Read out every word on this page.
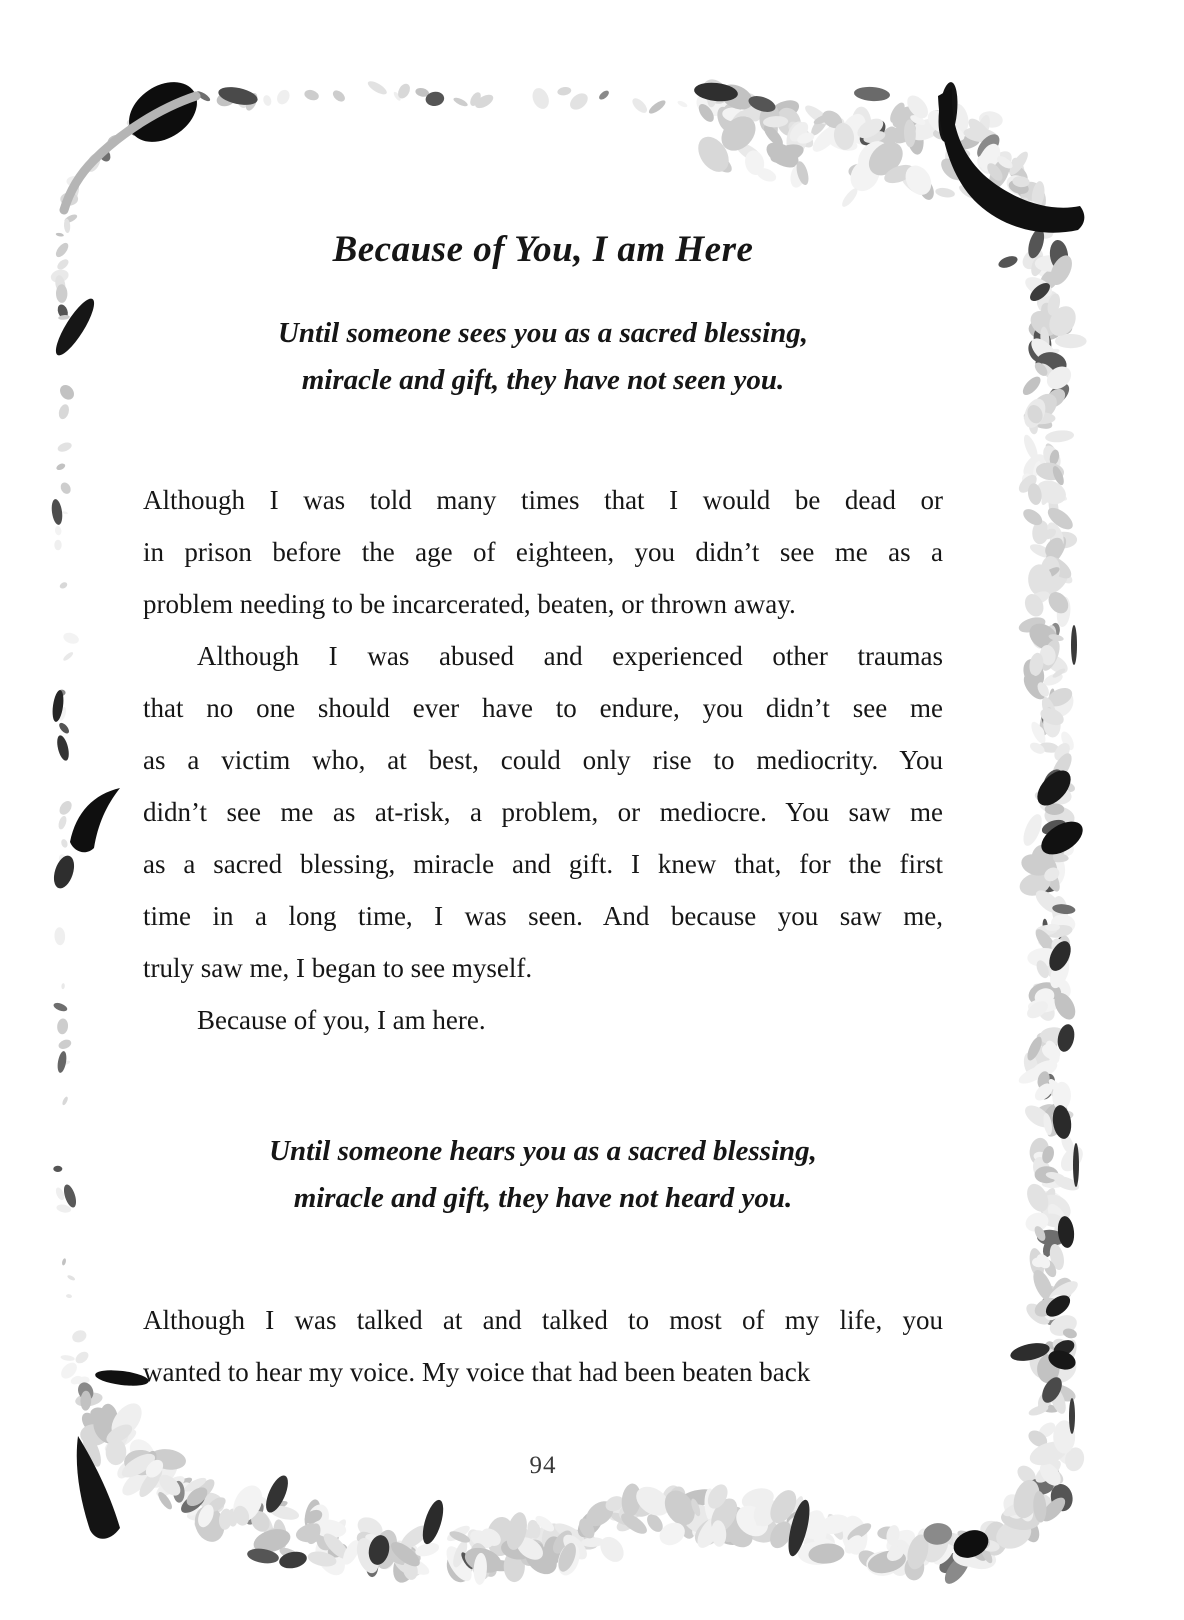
Because of You, I am Here
Until someone sees you as a sacred blessing,
miracle and gift, they have not seen you.
Although I was told many times that I would be dead or
in prison before the age of eighteen, you didn’t see me as a
problem needing to be incarcerated, beaten, or thrown away.
Although I was abused and experienced other traumas
that no one should ever have to endure, you didn’t see me
as a victim who, at best, could only rise to mediocrity. You
didn’t see me as at-risk, a problem, or mediocre. You saw me
as a sacred blessing, miracle and gift. I knew that, for the first
time in a long time, I was seen. And because you saw me,
truly saw me, I began to see myself.
Because of you, I am here.
Until someone hears you as a sacred blessing,
miracle and gift, they have not heard you.
Although I was talked at and talked to most of my life, you
wanted to hear my voice. My voice that had been beaten back
94
